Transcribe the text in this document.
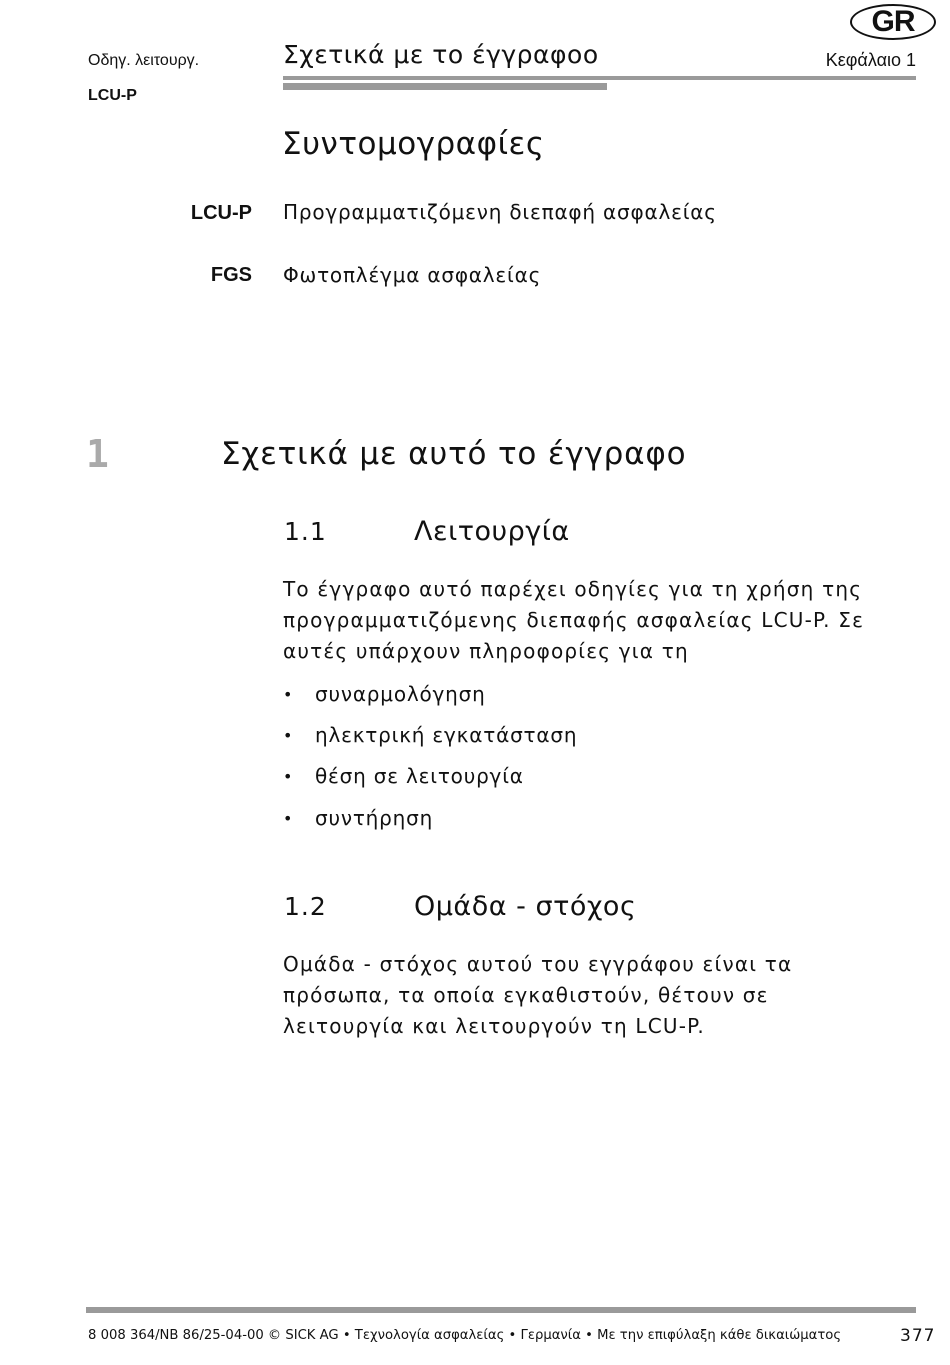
GR
Οδηγ. λειτουργ.
LCU-P
Σχετικά με το έγγραφοο	Κεφάλαιο 1
Συντομογραφίες
LCU-P Προγραμματιζόμενη διεπαφή ασφαλείας
FGS Φωτοπλέγμα ασφαλείας
1	Σχετικά με αυτό το έγγραφο
1.1	Λειτουργία
Το έγγραφο αυτό παρέχει οδηγίες για τη χρήση της προγραμματιζόμενης διεπαφής ασφαλείας LCU-P. Σε αυτές υπάρχουν πληροφορίες για τη
• συναρμολόγηση
• ηλεκτρική εγκατάσταση
• θέση σε λειτουργία
• συντήρηση
1.2	Ομάδα - στόχος
Ομάδα - στόχος αυτού του εγγράφου είναι τα πρόσωπα, τα οποία εγκαθιστούν, θέτουν σε λειτουργία και λειτουργούν τη LCU-P.
8 008 364/NB 86/25-04-00 © SICK AG • Τεχνολογία ασφαλείας • Γερμανία • Με την επιφύλαξη κάθε δικαιώματος	377
